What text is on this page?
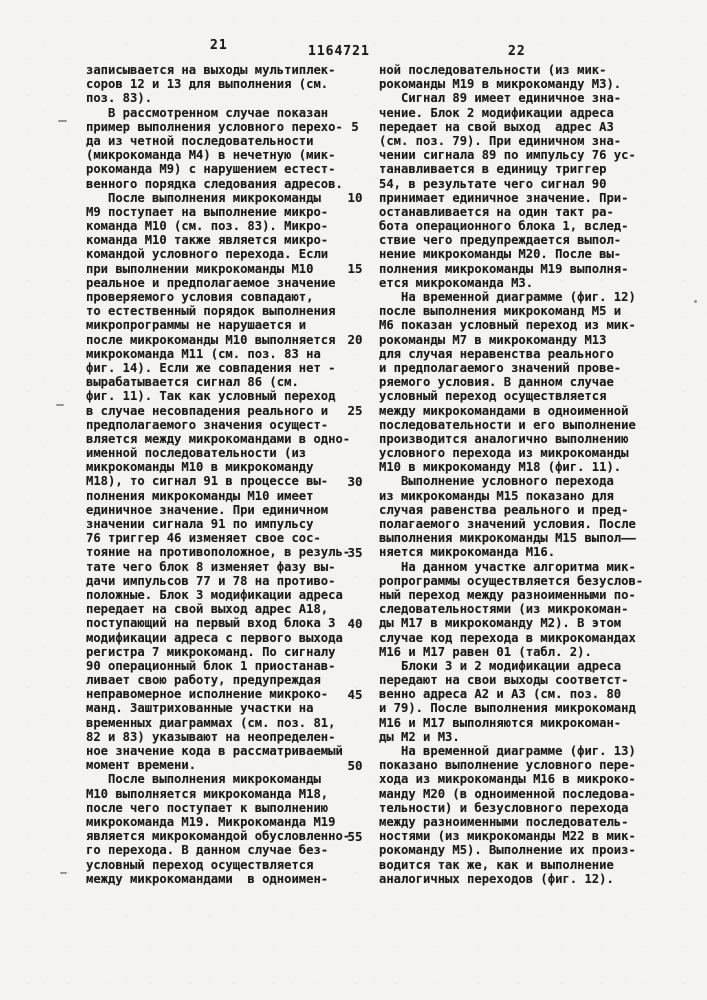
21	1164721	22
записывается на выходы мультиплек-
соров 12 и 13 для выполнения (см.
поз. 83).
В рассмотренном случае показан
пример выполнения условного перехо-
да из четной последовательности
(микрокоманда М4) в нечетную (мик-
рокоманда М9) с нарушением естест-
венного порядка следования адресов.
После выполнения микрокоманды
М9 поступает на выполнение микро-
команда М10 (см. поз. 83). Микро-
команда М10 также является микро-
командой условного перехода. Если
при выполнении микрокоманды М10
реальное и предполагаемое значение
проверяемого условия совпадают,
то естественный порядок выполнения
микропрограммы не нарушается и
после микрокоманды М10 выполняется
микрокоманда М11 (см. поз. 83 на
фиг. 14). Если же совпадения нет -
вырабатывается сигнал 86 (см.
фиг. 11). Так как условный переход
в случае несовпадения реального и
предполагаемого значения осущест-
вляется между микрокомандами в одно-
именной последовательности (из
микрокоманды М10 в микрокоманду
М18), то сигнал 91 в процессе вы-
полнения микрокоманды М10 имеет
единичное значение. При единичном
значении сигнала 91 по импульсу
76 триггер 46 изменяет свое сос-
тояние на противоположное, в резуль-
тате чего блок 8 изменяет фазу вы-
дачи импульсов 77 и 78 на противо-
положные. Блок 3 модификации адреса
передает на свой выход адрес А18,
поступающий на первый вход блока 3
модификации адреса с первого выхода
регистра 7 микрокоманд. По сигналу
90 операционный блок 1 приостанав-
ливает свою работу, предупреждая
неправомерное исполнение микроко-
манд. Заштрихованные участки на
временных диаграммах (см. поз. 81,
82 и 83) указывают на неопределен-
ное значение кода в рассматриваемый
момент времени.
После выполнения микрокоманды
М10 выполняется микрокоманда М18,
после чего поступает к выполнению
микрокоманда М19. Микрокоманда М19
является микрокомандой обусловленно-
го перехода. В данном случае без-
условный переход осуществляется
между микрокомандами  в одноимен-
5
10
15
20
25
30
35
40
45
50
55
ной последовательности (из мик-
рокоманды М19 в микрокоманду М3).
Сигнал 89 имеет единичное зна-
чение. Блок 2 модификации адреса
передает на свой выход  адрес А3
(см. поз. 79). При единичном зна-
чении сигнала 89 по импульсу 76 ус-
танавливается в единицу триггер
54, в результате чего сигнал 90
принимает единичное значение. При-
останавливается на один такт ра-
бота операционного блока 1, вслед-
ствие чего предупреждается выпол-
нение микрокоманды М20. После вы-
полнения микрокоманды М19 выполня-
ется микрокоманда М3.
На временной диаграмме (фиг. 12)
после выполнения микрокоманд М5 и
М6 показан условный переход из мик-
рокоманды М7 в микрокоманду М13
для случая неравенства реального
и предполагаемого значений прове-
ряемого условия. В данном случае
условный переход осуществляется
между микрокомандами в одноименной
последовательности и его выполнение
производится аналогично выполнению
условного перехода из микрокоманды
М10 в микрокоманду М18 (фиг. 11).
Выполнение условного перехода
из микрокоманды М15 показано для
случая равенства реального и пред-
полагаемого значений условия. После
выполнения микрокоманды М15 выпол——
няется микрокоманда М16.
На данном участке алгоритма мик-
ропрограммы осуществляется безуслов-
ный переход между разноименными по-
следовательностями (из микрокоман-
ды М17 в микрокоманду М2). В этом
случае код перехода в микрокомандах
М16 и М17 равен 01 (табл. 2).
Блоки 3 и 2 модификации адреса
передают на свои выходы соответст-
венно адреса А2 и А3 (см. поз. 80
и 79). После выполнения микрокоманд
М16 и М17 выполняются микрокоман-
ды М2 и М3.
На временной диаграмме (фиг. 13)
показано выполнение условного пере-
хода из микрокоманды М16 в микроко-
манду М20 (в одноименной последова-
тельности) и безусловного перехода
между разноименными последователь-
ностями (из микрокоманды М22 в мик-
рокоманду М5). Выполнение их произ-
водится так же, как и выполнение
аналогичных переходов (фиг. 12).
